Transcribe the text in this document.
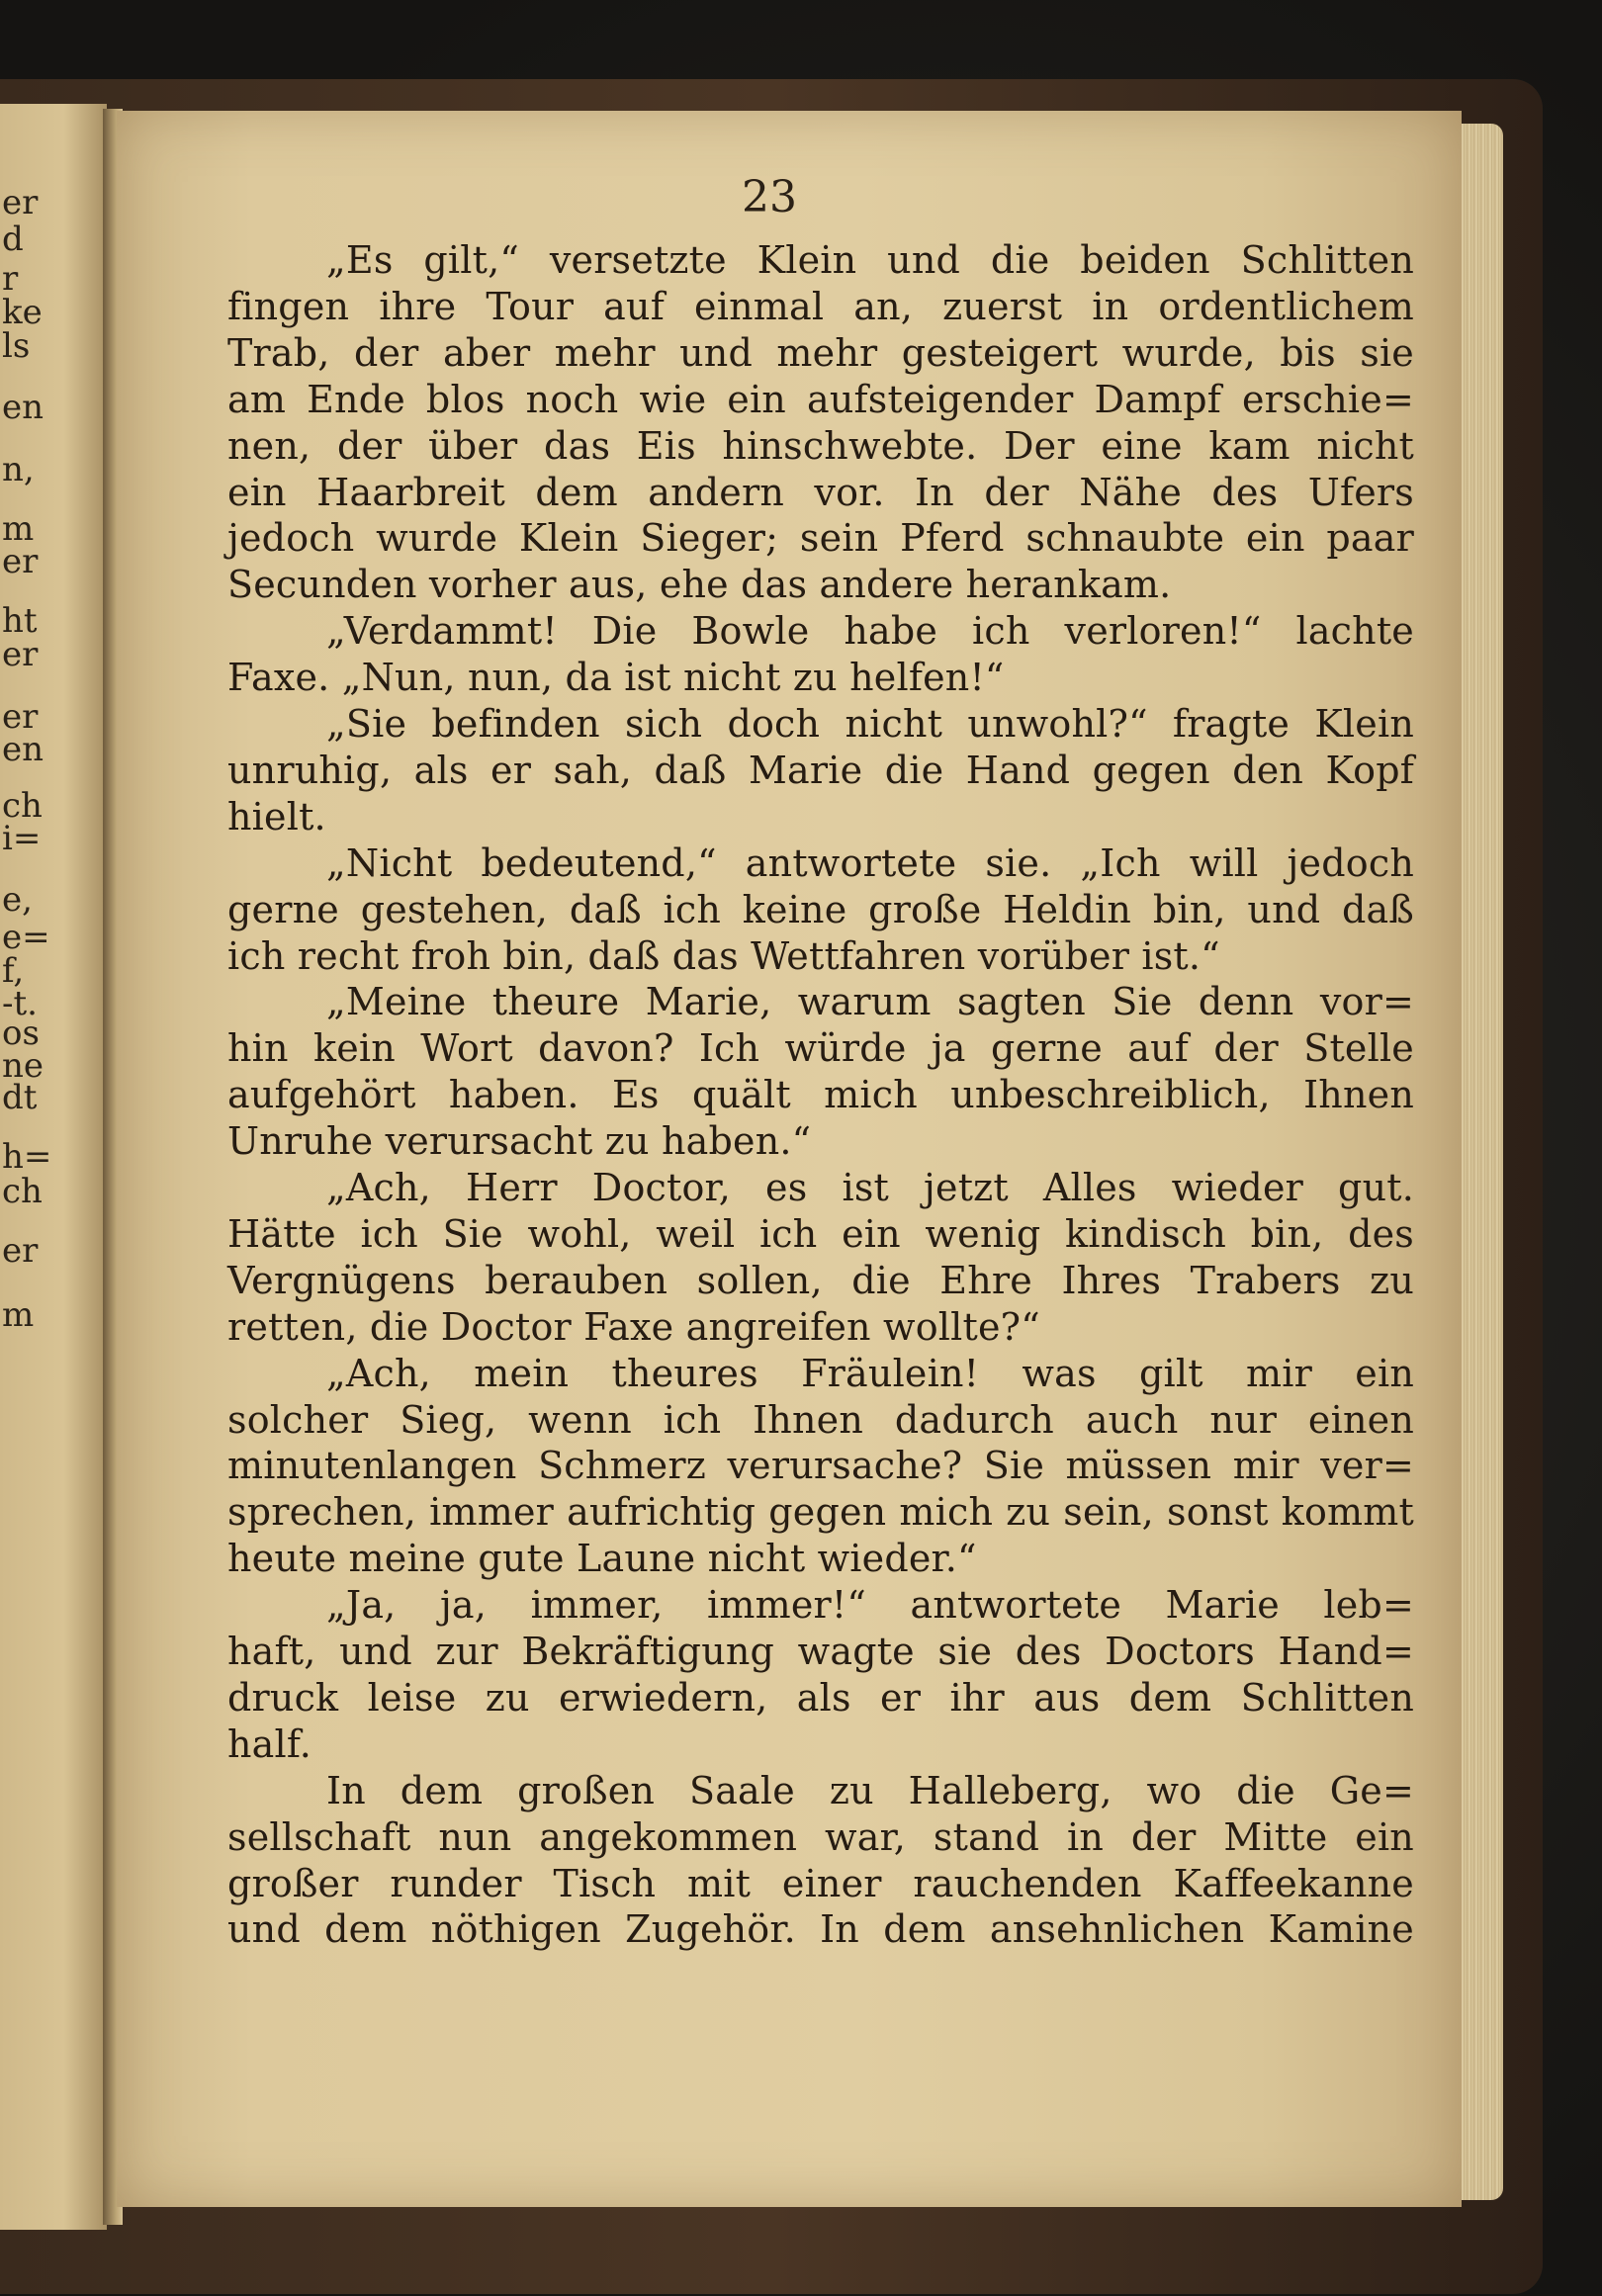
er
d
r
ke
ls
en
n,
m
er
ht
er
er
en
ch
i=
e,
e=
f,
-t.
os
ne
dt
h=
ch
er
m
23
„Es gilt,“ versetzte Klein und die beiden Schlitten
fingen ihre Tour auf einmal an, zuerst in ordentlichem
Trab, der aber mehr und mehr gesteigert wurde, bis sie
am Ende blos noch wie ein aufsteigender Dampf erschie=
nen, der über das Eis hinschwebte. Der eine kam nicht
ein Haarbreit dem andern vor. In der Nähe des Ufers
jedoch wurde Klein Sieger; sein Pferd schnaubte ein paar
Secunden vorher aus, ehe das andere herankam.
„Verdammt! Die Bowle habe ich verloren!“ lachte
Faxe. „Nun, nun, da ist nicht zu helfen!“
„Sie befinden sich doch nicht unwohl?“ fragte Klein
unruhig, als er sah, daß Marie die Hand gegen den Kopf
hielt.
„Nicht bedeutend,“ antwortete sie. „Ich will jedoch
gerne gestehen, daß ich keine große Heldin bin, und daß
ich recht froh bin, daß das Wettfahren vorüber ist.“
„Meine theure Marie, warum sagten Sie denn vor=
hin kein Wort davon? Ich würde ja gerne auf der Stelle
aufgehört haben. Es quält mich unbeschreiblich, Ihnen
Unruhe verursacht zu haben.“
„Ach, Herr Doctor, es ist jetzt Alles wieder gut.
Hätte ich Sie wohl, weil ich ein wenig kindisch bin, des
Vergnügens berauben sollen, die Ehre Ihres Trabers zu
retten, die Doctor Faxe angreifen wollte?“
„Ach, mein theures Fräulein! was gilt mir ein
solcher Sieg, wenn ich Ihnen dadurch auch nur einen
minutenlangen Schmerz verursache? Sie müssen mir ver=
sprechen, immer aufrichtig gegen mich zu sein, sonst kommt
heute meine gute Laune nicht wieder.“
„Ja, ja, immer, immer!“ antwortete Marie leb=
haft, und zur Bekräftigung wagte sie des Doctors Hand=
druck leise zu erwiedern, als er ihr aus dem Schlitten
half.
In dem großen Saale zu Halleberg, wo die Ge=
sellschaft nun angekommen war, stand in der Mitte ein
großer runder Tisch mit einer rauchenden Kaffeekanne
und dem nöthigen Zugehör. In dem ansehnlichen Kamine
